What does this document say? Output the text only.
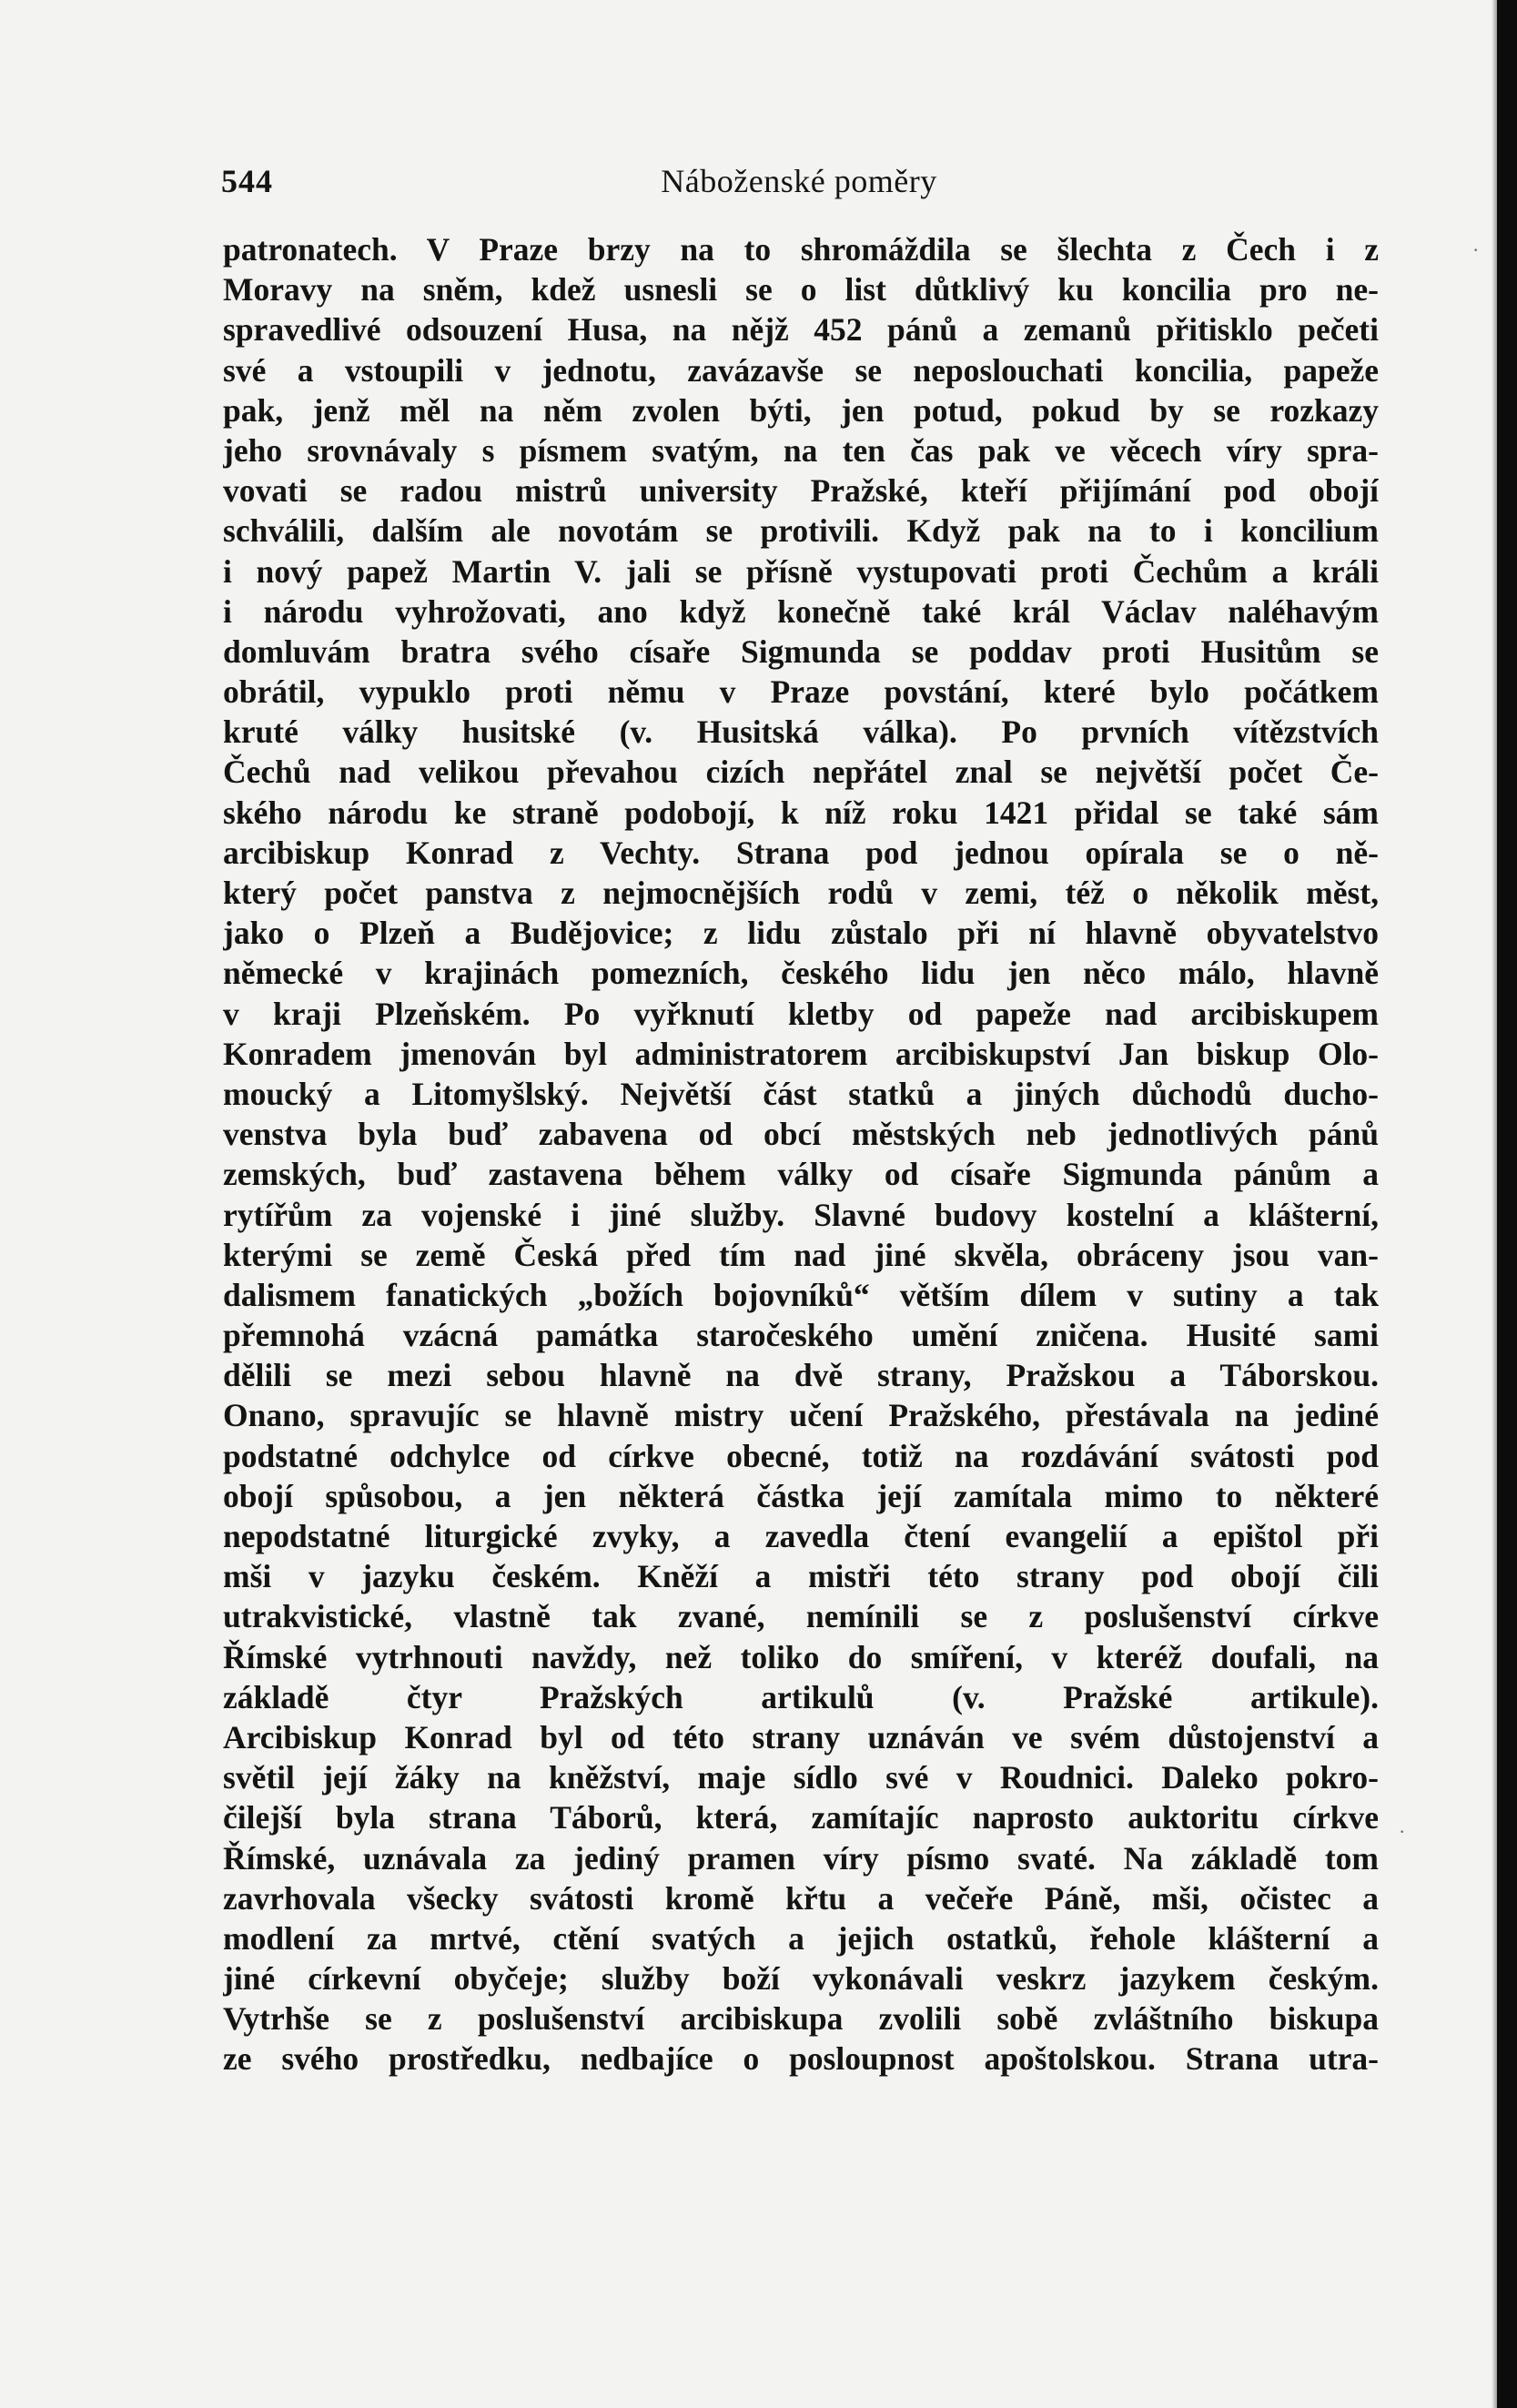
544	Náboženské poměry
patronatech. V Praze brzy na to shromáždila se šlechta z Čech i z
Moravy na sněm, kdež usnesli se o list důtklivý ku koncilia pro ne-
spravedlivé odsouzení Husa, na nějž 452 pánů a zemanů přitisklo pečeti
své a vstoupili v jednotu, zavázavše se neposlouchati koncilia, papeže
pak, jenž měl na něm zvolen býti, jen potud, pokud by se rozkazy
jeho srovnávaly s písmem svatým, na ten čas pak ve věcech víry spra-
vovati se radou mistrů university Pražské, kteří přijímání pod obojí
schválili, dalším ale novotám se protivili. Když pak na to i koncilium
i nový papež Martin V. jali se přísně vystupovati proti Čechům a králi
i národu vyhrožovati, ano když konečně také král Václav naléhavým
domluvám bratra svého císaře Sigmunda se poddav proti Husitům se
obrátil, vypuklo proti němu v Praze povstání, které bylo počátkem
kruté války husitské (v. Husitská válka). Po prvních vítězstvích
Čechů nad velikou převahou cizích nepřátel znal se největší počet Če-
ského národu ke straně podobojí, k níž roku 1421 přidal se také sám
arcibiskup Konrad z Vechty. Strana pod jednou opírala se o ně-
který počet panstva z nejmocnějších rodů v zemi, též o několik měst,
jako o Plzeň a Budějovice; z lidu zůstalo při ní hlavně obyvatelstvo
německé v krajinách pomezních, českého lidu jen něco málo, hlavně
v kraji Plzeňském. Po vyřknutí kletby od papeže nad arcibiskupem
Konradem jmenován byl administratorem arcibiskupství Jan biskup Olo-
moucký a Litomyšlský. Největší část statků a jiných důchodů ducho-
venstva byla buď zabavena od obcí městských neb jednotlivých pánů
zemských, buď zastavena během války od císaře Sigmunda pánům a
rytířům za vojenské i jiné služby. Slavné budovy kostelní a klášterní,
kterými se země Česká před tím nad jiné skvěla, obráceny jsou van-
dalismem fanatických „božích bojovníků“ větším dílem v sutiny a tak
přemnohá vzácná památka staročeského umění zničena. Husité sami
dělili se mezi sebou hlavně na dvě strany, Pražskou a Táborskou.
Onano, spravujíc se hlavně mistry učení Pražského, přestávala na jediné
podstatné odchylce od církve obecné, totiž na rozdávání svátosti pod
obojí spůsobou, a jen některá částka její zamítala mimo to některé
nepodstatné liturgické zvyky, a zavedla čtení evangelií a epištol při
mši v jazyku českém. Kněží a mistři této strany pod obojí čili
utrakvistické, vlastně tak zvané, nemínili se z poslušenství církve
Římské vytrhnouti navždy, než toliko do smíření, v kteréž doufali, na
základě čtyr Pražských artikulů (v. Pražské artikule).
Arcibiskup Konrad byl od této strany uznáván ve svém důstojenství a
světil její žáky na kněžství, maje sídlo své v Roudnici. Daleko pokro-
čilejší byla strana Táborů, která, zamítajíc naprosto auktoritu církve
Římské, uznávala za jediný pramen víry písmo svaté. Na základě tom
zavrhovala všecky svátosti kromě křtu a večeře Páně, mši, očistec a
modlení za mrtvé, ctění svatých a jejich ostatků, řehole klášterní a
jiné církevní obyčeje; služby boží vykonávali veskrz jazykem českým.
Vytrhše se z poslušenství arcibiskupa zvolili sobě zvláštního biskupa
ze svého prostředku, nedbajíce o posloupnost apoštolskou. Strana utra-
·
·
